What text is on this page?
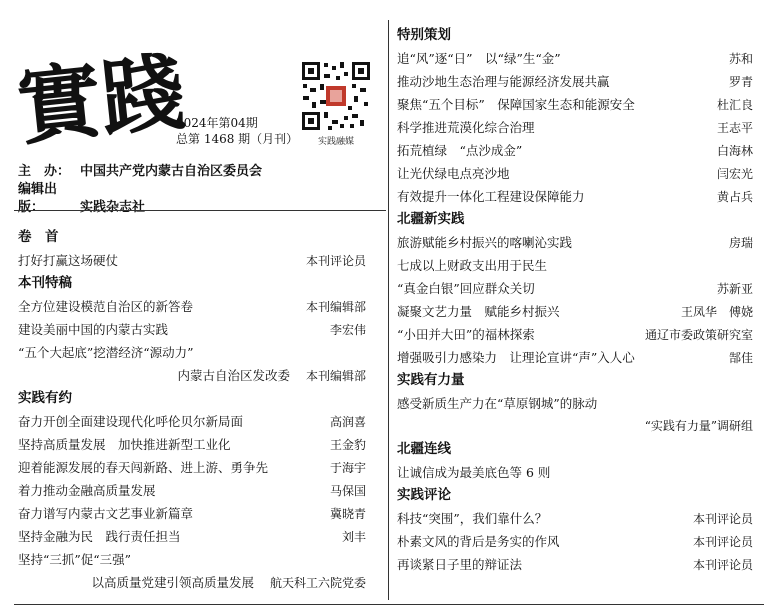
實踐
2024年第04期
总第 1468 期（月刊）	实践融媒
主　办： 中国共产党内蒙古自治区委员会
编辑出版：	实践杂志社
卷　首
打好打赢这场硬仗	本刊评论员
本刊特稿
全方位建设模范自治区的新答卷	本刊编辑部
建设美丽中国的内蒙古实践	李宏伟
“五个大起底”挖潜经济“源动力”
内蒙古自治区发改委 本刊编辑部
实践有约
奋力开创全面建设现代化呼伦贝尔新局面	高润喜
坚持高质量发展　加快推进新型工业化	王金豹
迎着能源发展的春天闯新路、进上游、勇争先	于海宇
着力推动金融高质量发展	马保国
奋力谱写内蒙古文艺事业新篇章	冀晓青
坚持金融为民　践行责任担当	刘丰
坚持“三抓”促“三强”
以高质量党建引领高质量发展 航天科工六院党委
特别策划
追“风”逐“日”　以“绿”生“金”	苏和
推动沙地生态治理与能源经济发展共赢	罗青
聚焦“五个目标”　保障国家生态和能源安全	杜汇良
科学推进荒漠化综合治理	王志平
拓荒植绿　“点沙成金”	白海林
让光伏绿电点亮沙地	闫宏光
有效提升一体化工程建设保障能力	黄占兵
北疆新实践
旅游赋能乡村振兴的喀喇沁实践	房瑞
七成以上财政支出用于民生
“真金白银”回应群众关切	苏新亚
凝聚文艺力量　赋能乡村振兴	王凤华　傅娆
“小田并大田”的福林探索	通辽市委政策研究室
增强吸引力感染力　让理论宣讲“声”入人心	郜佳
实践有力量
感受新质生产力在“草原钢城”的脉动
“实践有力量”调研组
北疆连线
让诚信成为最美底色等 6 则
实践评论
科技“突围”，我们靠什么？	本刊评论员
朴素文风的背后是务实的作风	本刊评论员
再谈紧日子里的辩证法	本刊评论员
